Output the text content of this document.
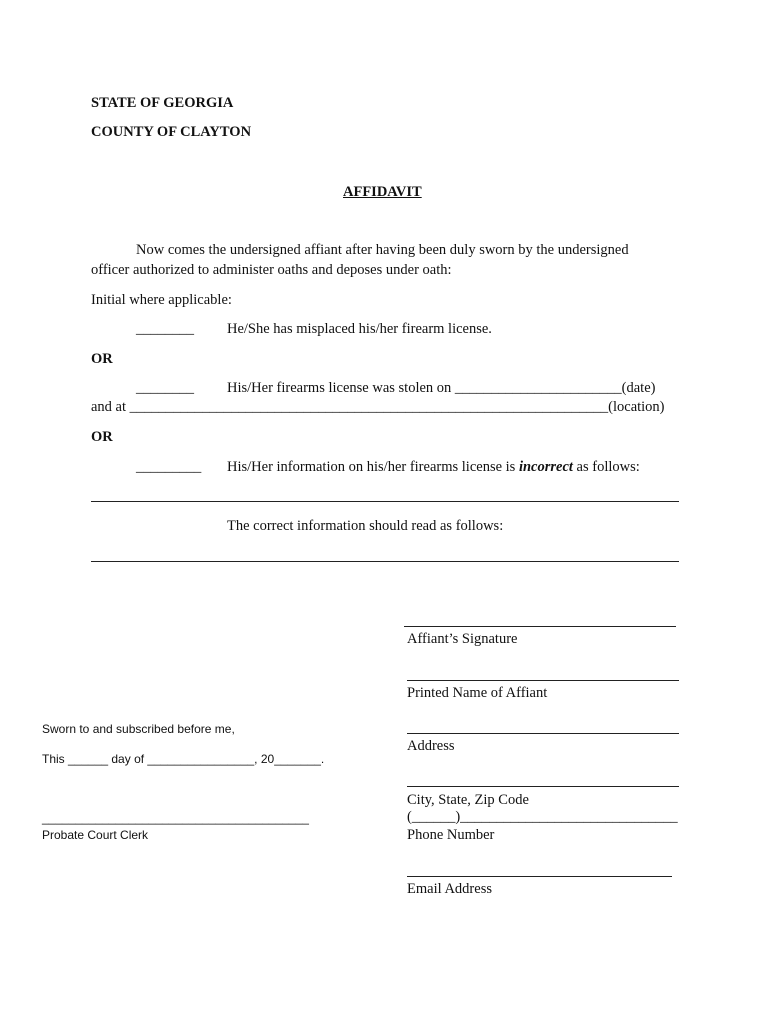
STATE OF GEORGIA
COUNTY OF CLAYTON
AFFIDAVIT
Now comes the undersigned affiant after having been duly sworn by the undersigned
officer authorized to administer oaths and deposes under oath:
Initial where applicable:
________ He/She has misplaced his/her firearm license.
OR
________ His/Her firearms license was stolen on _______________________(date)
and at __________________________________________________________________(location)
OR
_________ His/Her information on his/her firearms license is incorrect as follows:
The correct information should read as follows:
Affiant’s Signature
Printed Name of Affiant
Address
City, State, Zip Code
(______)______________________________
Phone Number
Email Address
Sworn to and subscribed before me,
This ______ day of ________________, 20_______.
________________________________________
Probate Court Clerk
